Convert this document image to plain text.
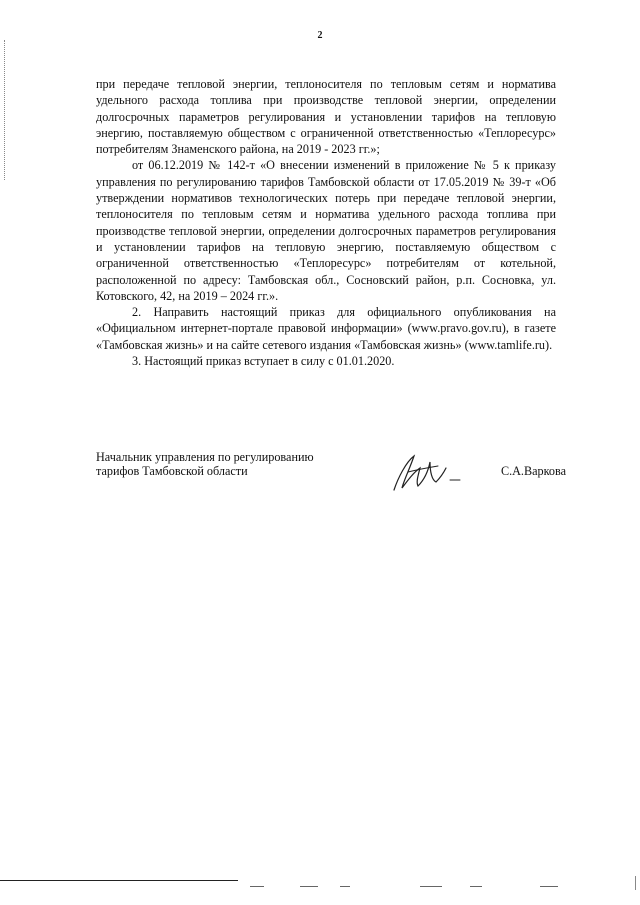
2

при передаче тепловой энергии, теплоносителя по тепловым сетям и норматива удельного расхода топлива при производстве тепловой энергии, определении долгосрочных параметров регулирования и установлении тарифов на тепловую энергию, поставляемую обществом с ограниченной ответственностью «Теплоресурс» потребителям Знаменского района, на 2019 - 2023 гг.»;

от 06.12.2019 № 142-т «О внесении изменений в приложение № 5 к приказу управления по регулированию тарифов Тамбовской области от 17.05.2019 № 39-т «Об утверждении нормативов технологических потерь при передаче тепловой энергии, теплоносителя по тепловым сетям и норматива удельного расхода топлива при производстве тепловой энергии, определении долгосрочных параметров регулирования и установлении тарифов на тепловую энергию, поставляемую обществом с ограниченной ответственностью «Теплоресурс» потребителям от котельной, расположенной по адресу: Тамбовская обл., Сосновский район, р.п. Сосновка, ул. Котовского, 42, на 2019 – 2024 гг.».

2. Направить настоящий приказ для официального опубликования на «Официальном интернет-портале правовой информации» (www.pravo.gov.ru), в газете «Тамбовская жизнь» и на сайте сетевого издания «Тамбовская жизнь» (www.tamlife.ru).

3. Настоящий приказ вступает в силу с 01.01.2020.

Начальник управления по регулированию
тарифов Тамбовской области	С.А.Варкова
